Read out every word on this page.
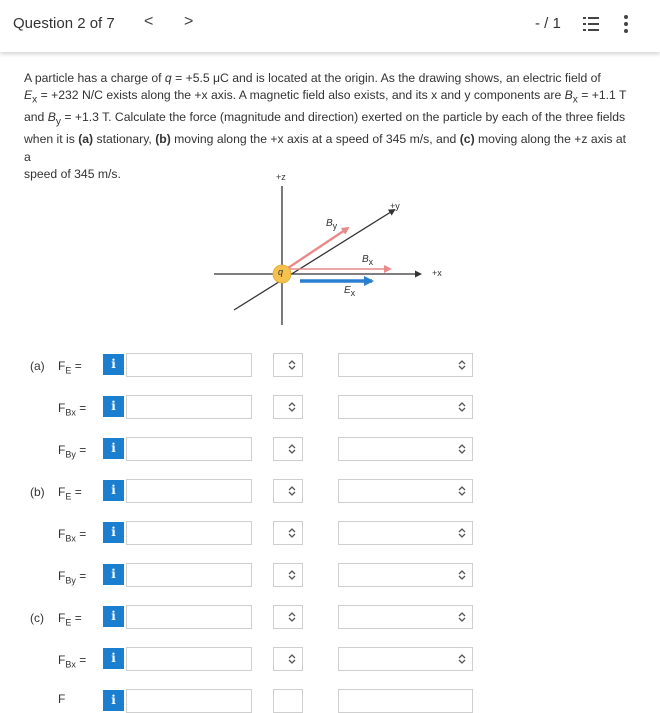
Question 2 of 7 < >	- / 1
A particle has a charge of q = +5.5 μC and is located at the origin. As the drawing shows, an electric field of
$E_x = +232$ N/C exists along the +x axis. A magnetic field also exists, and its x and y components are $B_x = +1.1$ T
and $B_y = +1.3$ T. Calculate the force (magnitude and direction) exerted on the particle by each of the three fields
when it is (a) stationary, (b) moving along the +x axis at a speed of 345 m/s, and (c) moving along the +z axis at a
speed of 345 m/s.	+z
+y
+x
q
$B_y$
$B_x$
$E_x$
(a) $F_E$ =	i
$F_{Bx}$ =	i
$F_{By}$ =	i
(b) $F_E$ =	i
$F_{Bx}$ =	i
$F_{By}$ =	i
(c) $F_E$ =	i
$F_{Bx}$ =	i
F	i
